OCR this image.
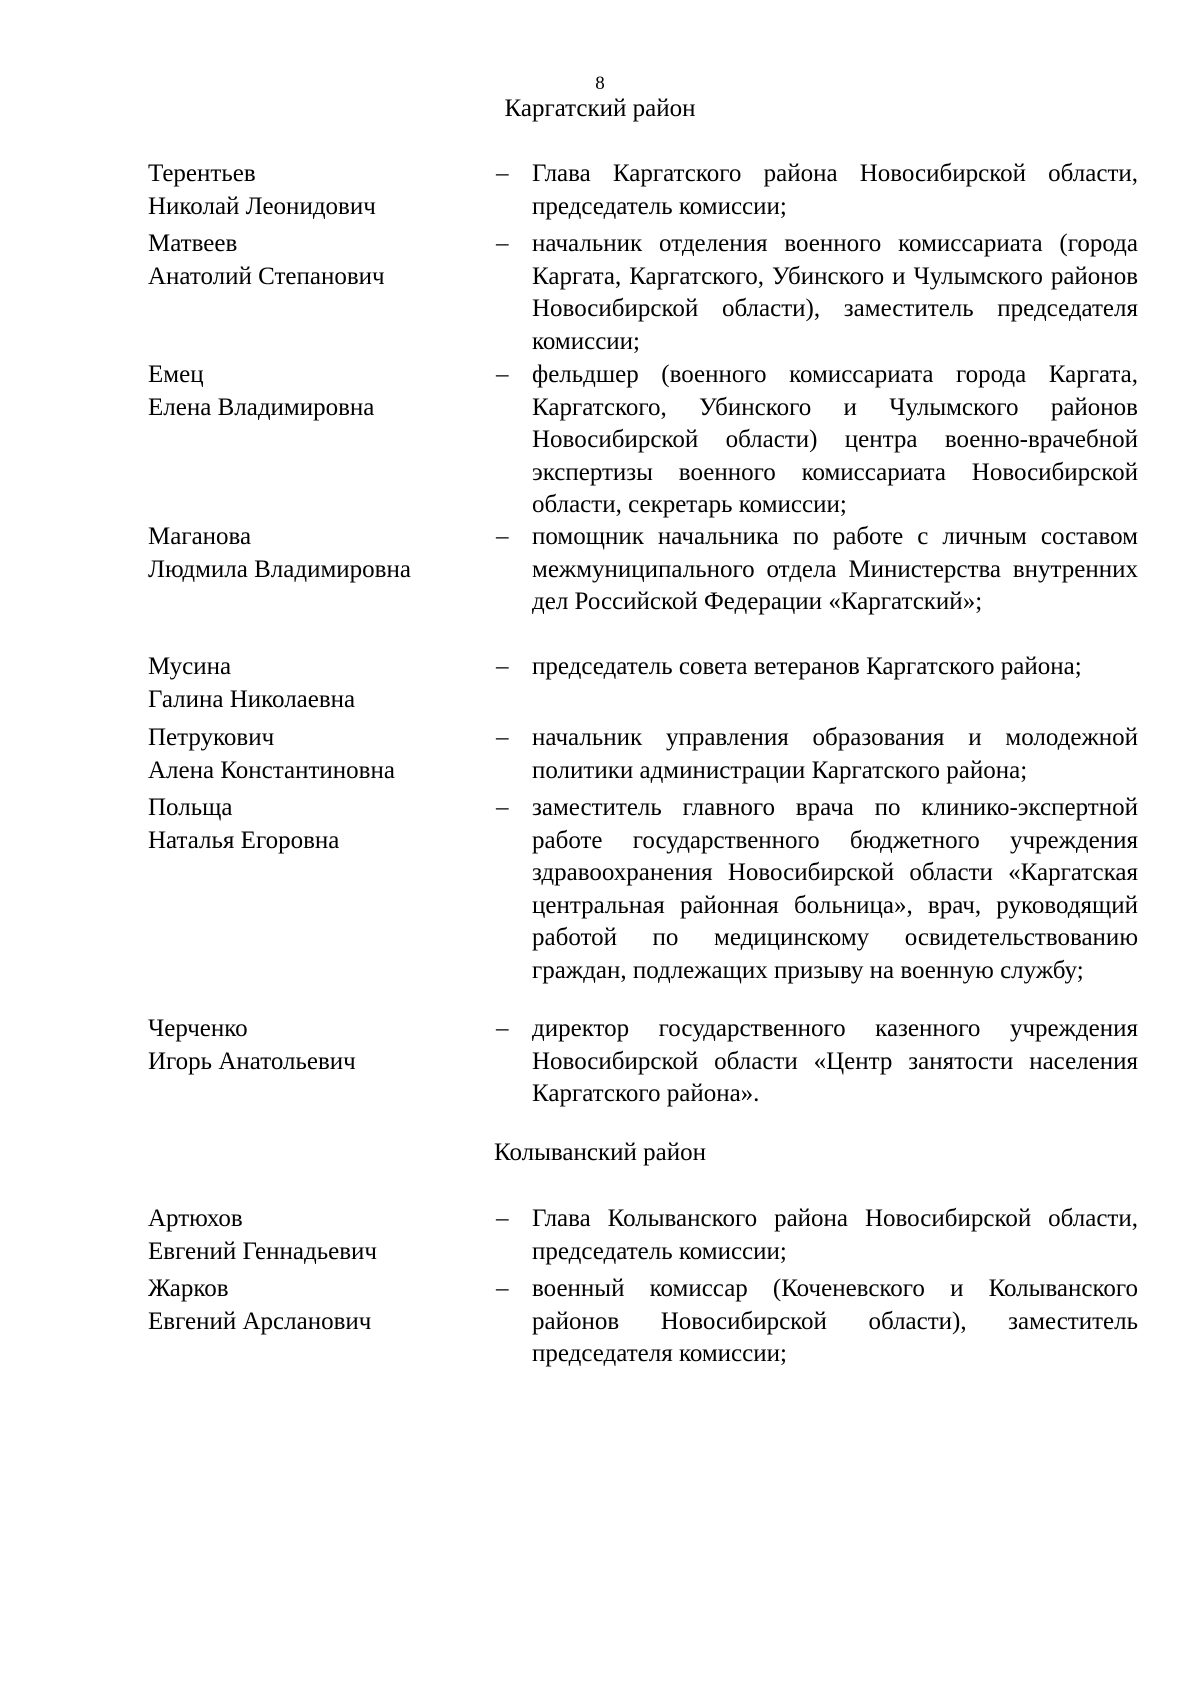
8
Каргатский район
Терентьев
Николай Леонидович
– Глава Каргатского района Новосибирской области, председатель комиссии;
Матвеев
Анатолий Степанович
– начальник отделения военного комиссариата (города Каргата, Каргатского, Убинского и Чулымского районов Новосибирской области), заместитель председателя комиссии;
Емец
Елена Владимировна
– фельдшер (военного комиссариата города Каргата, Каргатского, Убинского и Чулымского районов Новосибирской области) центра военно-врачебной экспертизы военного комиссариата Новосибирской области, секретарь комиссии;
Маганова
Людмила Владимировна
– помощник начальника по работе с личным составом межмуниципального отдела Министерства внутренних дел Российской Федерации «Каргатский»;
Мусина
Галина Николаевна
– председатель совета ветеранов Каргатского района;
Петрукович
Алена Константиновна
– начальник управления образования и молодежной политики администрации Каргатского района;
Польща
Наталья Егоровна
– заместитель главного врача по клинико-экспертной работе государственного бюджетного учреждения здравоохранения Новосибирской области «Каргатская центральная районная больница», врач, руководящий работой по медицинскому освидетельствованию граждан, подлежащих призыву на военную службу;
Черченко
Игорь Анатольевич
– директор государственного казенного учреждения Новосибирской области «Центр занятости населения Каргатского района».
Колыванский район
Артюхов
Евгений Геннадьевич
– Глава Колыванского района Новосибирской области, председатель комиссии;
Жарков
Евгений Арсланович
– военный комиссар (Коченевского и Колыванского районов Новосибирской области), заместитель председателя комиссии;
